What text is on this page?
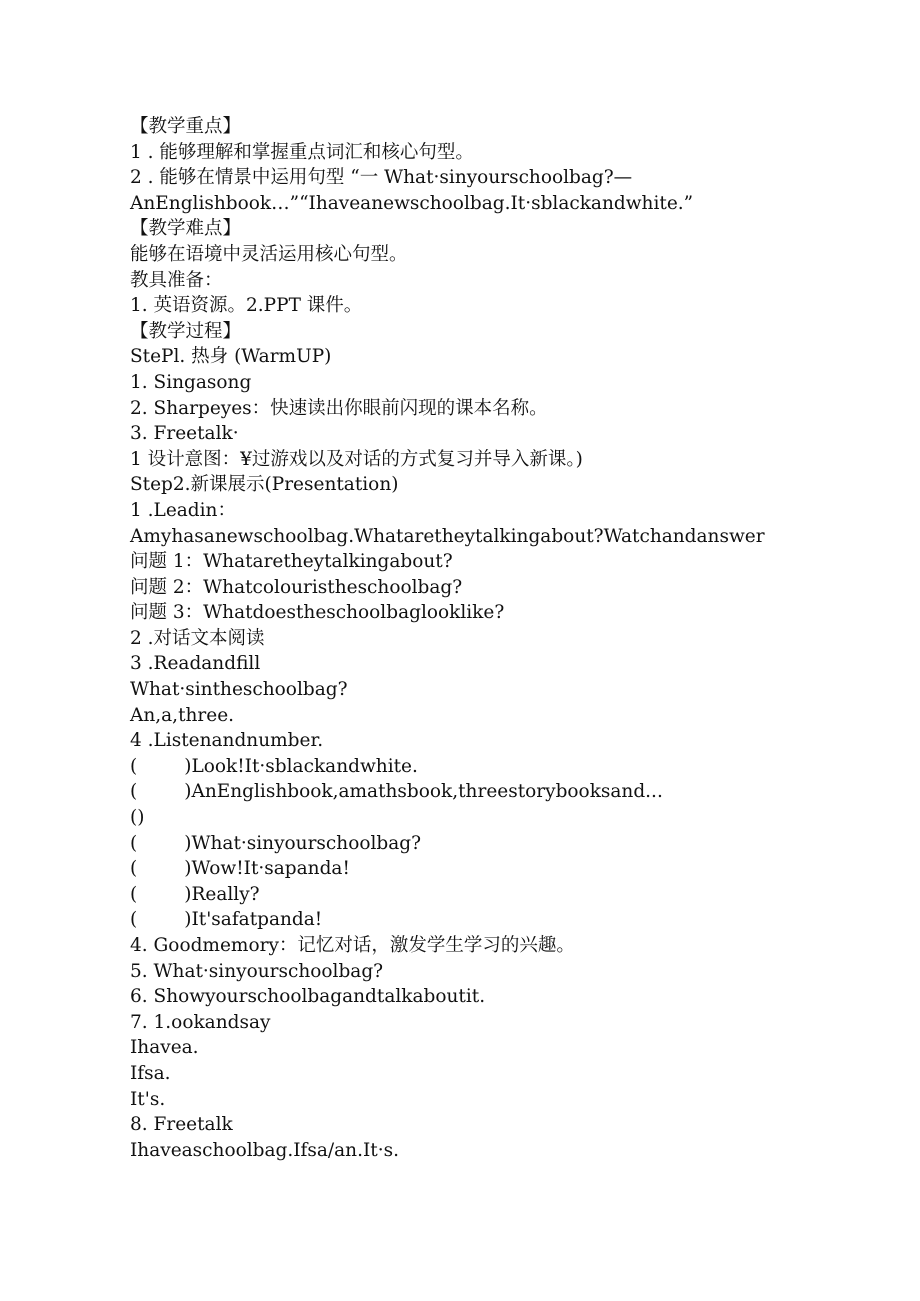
【教学重点】
1 . 能够理解和掌握重点词汇和核心句型。
2 . 能够在情景中运用句型 “一 What·sinyourschoolbag?—
AnEnglishbook…”“Ihaveanewschoolbag.It·sblackandwhite.”
【教学难点】
能够在语境中灵活运用核心句型。
教具准备：
1. 英语资源。2.PPT 课件。
【教学过程】
StePl. 热身 (WarmUP)
1. Singasong
2. Sharpeyes：快速读出你眼前闪现的课本名称。
3. Freetalk·
1 设计意图：¥过游戏以及对话的方式复习并导入新课。)
Step2.新课展示(Presentation)
1 .Leadin：
Amyhasanewschoolbag.Whataretheytalkingabout?Watchandanswer
问题 1：Whataretheytalkingabout?
问题 2：Whatcolouristheschoolbag?
问题 3：Whatdoestheschoolbaglooklike?
2 .对话文本阅读
3 .Readandfill
What·sintheschoolbag?
An,a,three.
4 .Listenandnumber.
(        )Look!It·sblackandwhite.
(        )AnEnglishbook,amathsbook,threestorybooksand...
()
(        )What·sinyourschoolbag?
(        )Wow!It·sapanda!
(        )Really?
(        )It'safatpanda!
4. Goodmemory：记忆对话，激发学生学习的兴趣。
5. What·sinyourschoolbag?
6. Showyourschoolbagandtalkaboutit.
7. 1.ookandsay
Ihavea.
Ifsa.
It's.
8. Freetalk
Ihaveaschoolbag.Ifsa/an.It·s.
